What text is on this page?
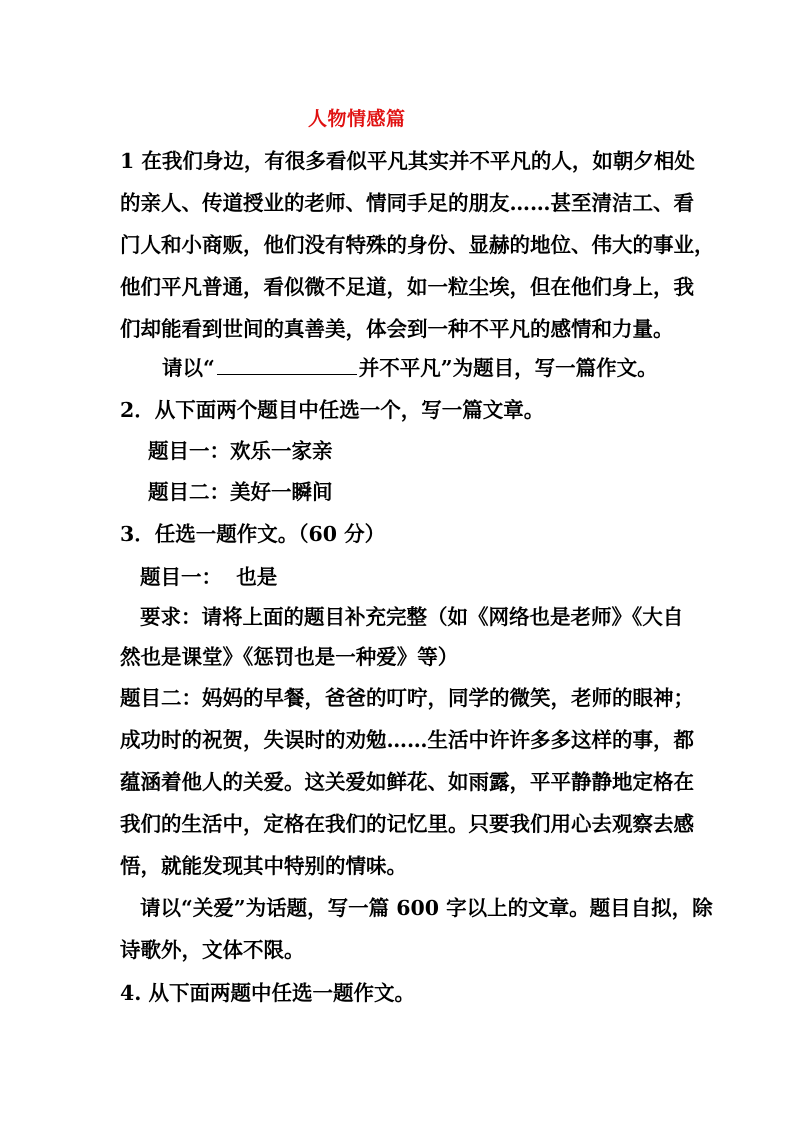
人物情感篇
1 在我们身边，有很多看似平凡其实并不平凡的人，如朝夕相处
的亲人、传道授业的老师、情同手足的朋友……甚至清洁工、看
门人和小商贩，他们没有特殊的身份、显赫的地位、伟大的事业，
他们平凡普通，看似微不足道，如一粒尘埃，但在他们身上，我
们却能看到世间的真善美，体会到一种不平凡的感情和力量。
请以“	并不平凡”为题目，写一篇作文。
2．从下面两个题目中任选一个，写一篇文章。
题目一：欢乐一家亲
题目二：美好一瞬间
3．任选一题作文。（60 分）
题目一：  也是
要求：请将上面的题目补充完整（如《网络也是老师》《大自
然也是课堂》《惩罚也是一种爱》等）
题目二：妈妈的早餐，爸爸的叮咛，同学的微笑，老师的眼神；
成功时的祝贺，失误时的劝勉……生活中许许多多这样的事，都
蕴涵着他人的关爱。这关爱如鲜花、如雨露，平平静静地定格在
我们的生活中，定格在我们的记忆里。只要我们用心去观察去感
悟，就能发现其中特别的情味。
请以“关爱”为话题，写一篇 600 字以上的文章。题目自拟，除
诗歌外，文体不限。
4. 从下面两题中任选一题作文。
